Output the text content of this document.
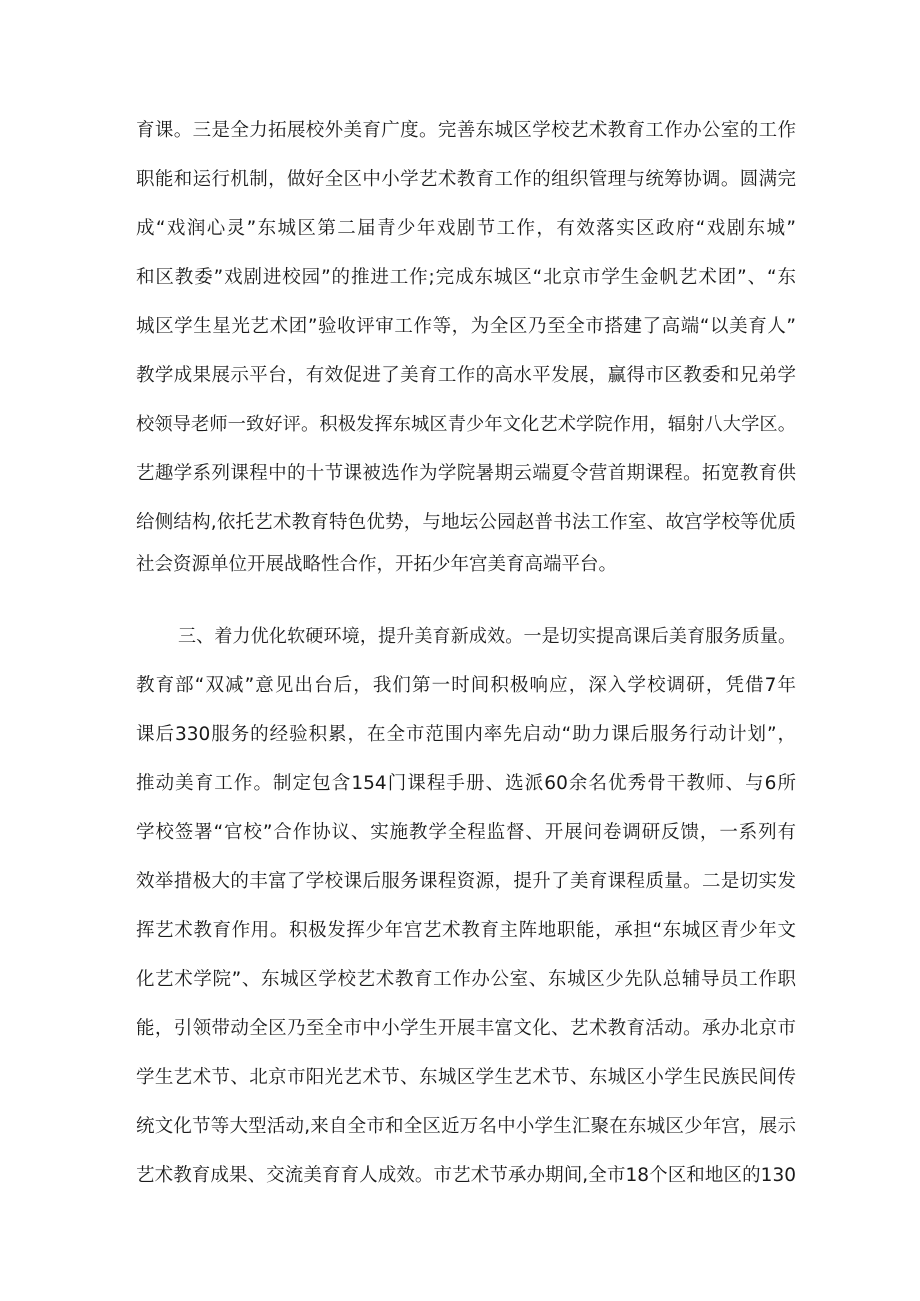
育课。三是全力拓展校外美育广度。完善东城区学校艺术教育工作办公室的工作
职能和运行机制，做好全区中小学艺术教育工作的组织管理与统筹协调。圆满完
成“戏润心灵”东城区第二届青少年戏剧节工作，有效落实区政府“戏剧东城”
和区教委”戏剧进校园”的推进工作;完成东城区“北京市学生金帆艺术团”、“东
城区学生星光艺术团”验收评审工作等，为全区乃至全市搭建了高端“以美育人”
教学成果展示平台，有效促进了美育工作的高水平发展，赢得市区教委和兄弟学
校领导老师一致好评。积极发挥东城区青少年文化艺术学院作用，辐射八大学区。
艺趣学系列课程中的十节课被选作为学院暑期云端夏令营首期课程。拓宽教育供
给侧结构,依托艺术教育特色优势，与地坛公园赵普书法工作室、故宫学校等优质
社会资源单位开展战略性合作，开拓少年宫美育高端平台。
三、着力优化软硬环境，提升美育新成效。一是切实提高课后美育服务质量。
教育部“双减”意见出台后，我们第一时间积极响应，深入学校调研，凭借7年
课后330服务的经验积累，在全市范围内率先启动“助力课后服务行动计划”，
推动美育工作。制定包含154门课程手册、选派60余名优秀骨干教师、与6所
学校签署“官校”合作协议、实施教学全程监督、开展问卷调研反馈，一系列有
效举措极大的丰富了学校课后服务课程资源，提升了美育课程质量。二是切实发
挥艺术教育作用。积极发挥少年宫艺术教育主阵地职能，承担“东城区青少年文
化艺术学院”、东城区学校艺术教育工作办公室、东城区少先队总辅导员工作职
能，引领带动全区乃至全市中小学生开展丰富文化、艺术教育活动。承办北京市
学生艺术节、北京市阳光艺术节、东城区学生艺术节、东城区小学生民族民间传
统文化节等大型活动,来自全市和全区近万名中小学生汇聚在东城区少年宫，展示
艺术教育成果、交流美育育人成效。市艺术节承办期间,全市18个区和地区的130
